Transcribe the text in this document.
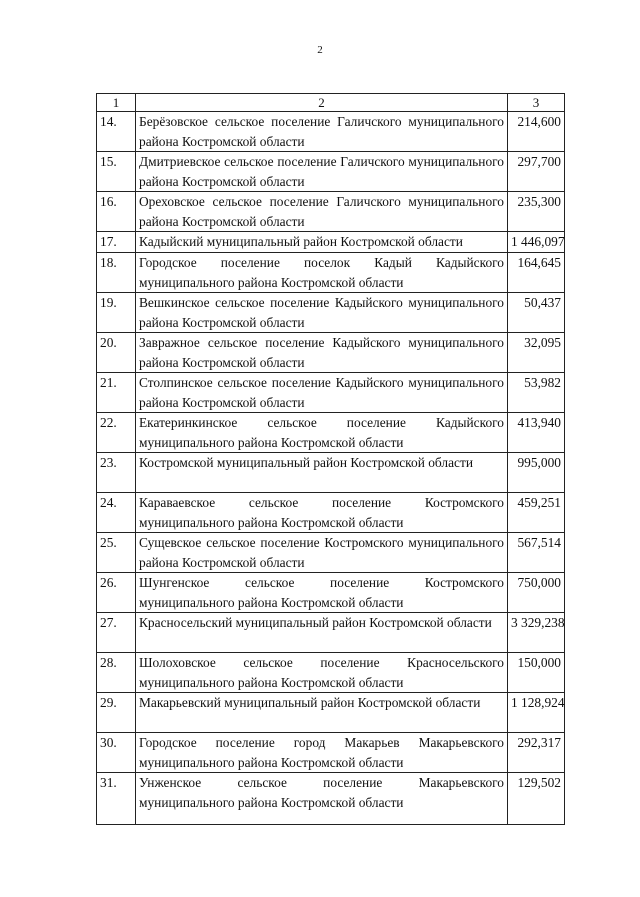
2
1	2	3
14.	Берёзовское сельское поселение Галичского муниципального района Костромской области	214,600
15.	Дмитриевское сельское поселение Галичского муниципального района Костромской области	297,700
16.	Ореховское сельское поселение Галичского муниципального района Костромской области	235,300
17.	Кадыйский муниципальный район Костромской области	1 446,097
18.	Городское поселение поселок Кадый Кадыйского муниципального района Костромской области	164,645
19.	Вешкинское сельское поселение Кадыйского муниципального района Костромской области	50,437
20.	Завражное сельское поселение Кадыйского муниципального района Костромской области	32,095
21.	Столпинское сельское поселение Кадыйского муниципального района Костромской области	53,982
22.	Екатеринкинское сельское поселение Кадыйского муниципального района Костромской области	413,940
23.	Костромской муниципальный район Костромской области	995,000
24.	Караваевское сельское поселение Костромского муниципального района Костромской области	459,251
25.	Сущевское сельское поселение Костромского муниципального района Костромской области	567,514
26.	Шунгенское сельское поселение Костромского муниципального района Костромской области	750,000
27.	Красносельский муниципальный район Костромской области	3 329,238
28.	Шолоховское сельское поселение Красносельского муниципального района Костромской области	150,000
29.	Макарьевский муниципальный район Костромской области	1 128,924
30.	Городское поселение город Макарьев Макарьевского муниципального района Костромской области	292,317
31.	Унженское сельское поселение Макарьевского муниципального района Костромской области	129,502
